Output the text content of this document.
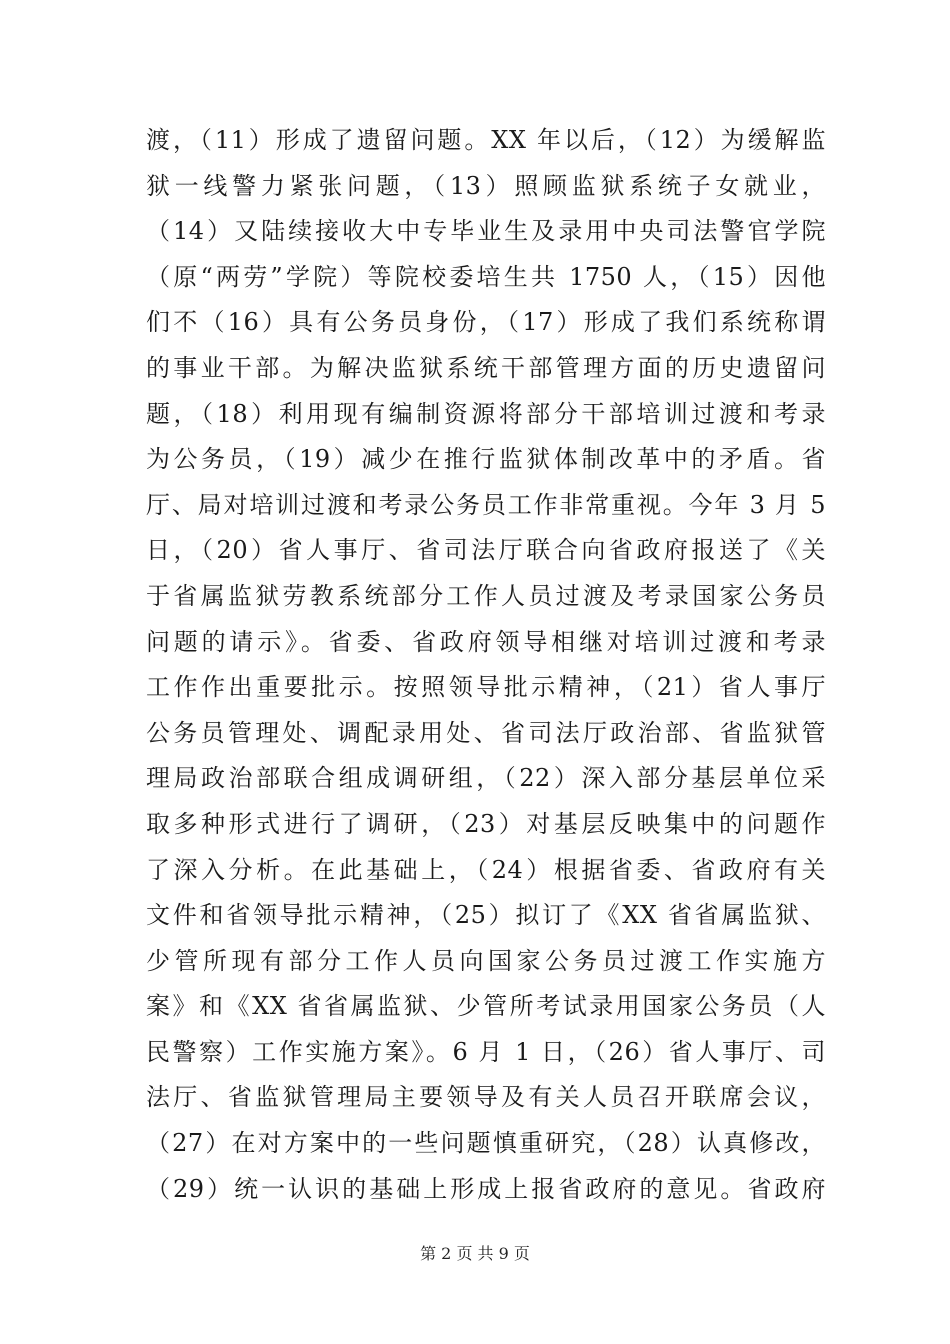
渡，（11）形成了遗留问题。XX 年以后，（12）为缓解监
狱一线警力紧张问题，（13）照顾监狱系统子女就业，
（14）又陆续接收大中专毕业生及录用中央司法警官学院
（原“两劳”学院）等院校委培生共 1750 人，（15）因他
们不（16）具有公务员身份，（17）形成了我们系统称谓
的事业干部。为解决监狱系统干部管理方面的历史遗留问
题，（18）利用现有编制资源将部分干部培训过渡和考录
为公务员，（19）减少在推行监狱体制改革中的矛盾。省
厅、局对培训过渡和考录公务员工作非常重视。今年 3 月 5
日，（20）省人事厅、省司法厅联合向省政府报送了《关
于省属监狱劳教系统部分工作人员过渡及考录国家公务员
问题的请示》。省委、省政府领导相继对培训过渡和考录
工作作出重要批示。按照领导批示精神，（21）省人事厅
公务员管理处、调配录用处、省司法厅政治部、省监狱管
理局政治部联合组成调研组，（22）深入部分基层单位采
取多种形式进行了调研，（23）对基层反映集中的问题作
了深入分析。在此基础上，（24）根据省委、省政府有关
文件和省领导批示精神，（25）拟订了《XX 省省属监狱、
少管所现有部分工作人员向国家公务员过渡工作实施方
案》和《XX 省省属监狱、少管所考试录用国家公务员（人
民警察）工作实施方案》。6 月 1 日，（26）省人事厅、司
法厅、省监狱管理局主要领导及有关人员召开联席会议，
（27）在对方案中的一些问题慎重研究，（28）认真修改，
（29）统一认识的基础上形成上报省政府的意见。省政府
第 2 页 共 9 页
